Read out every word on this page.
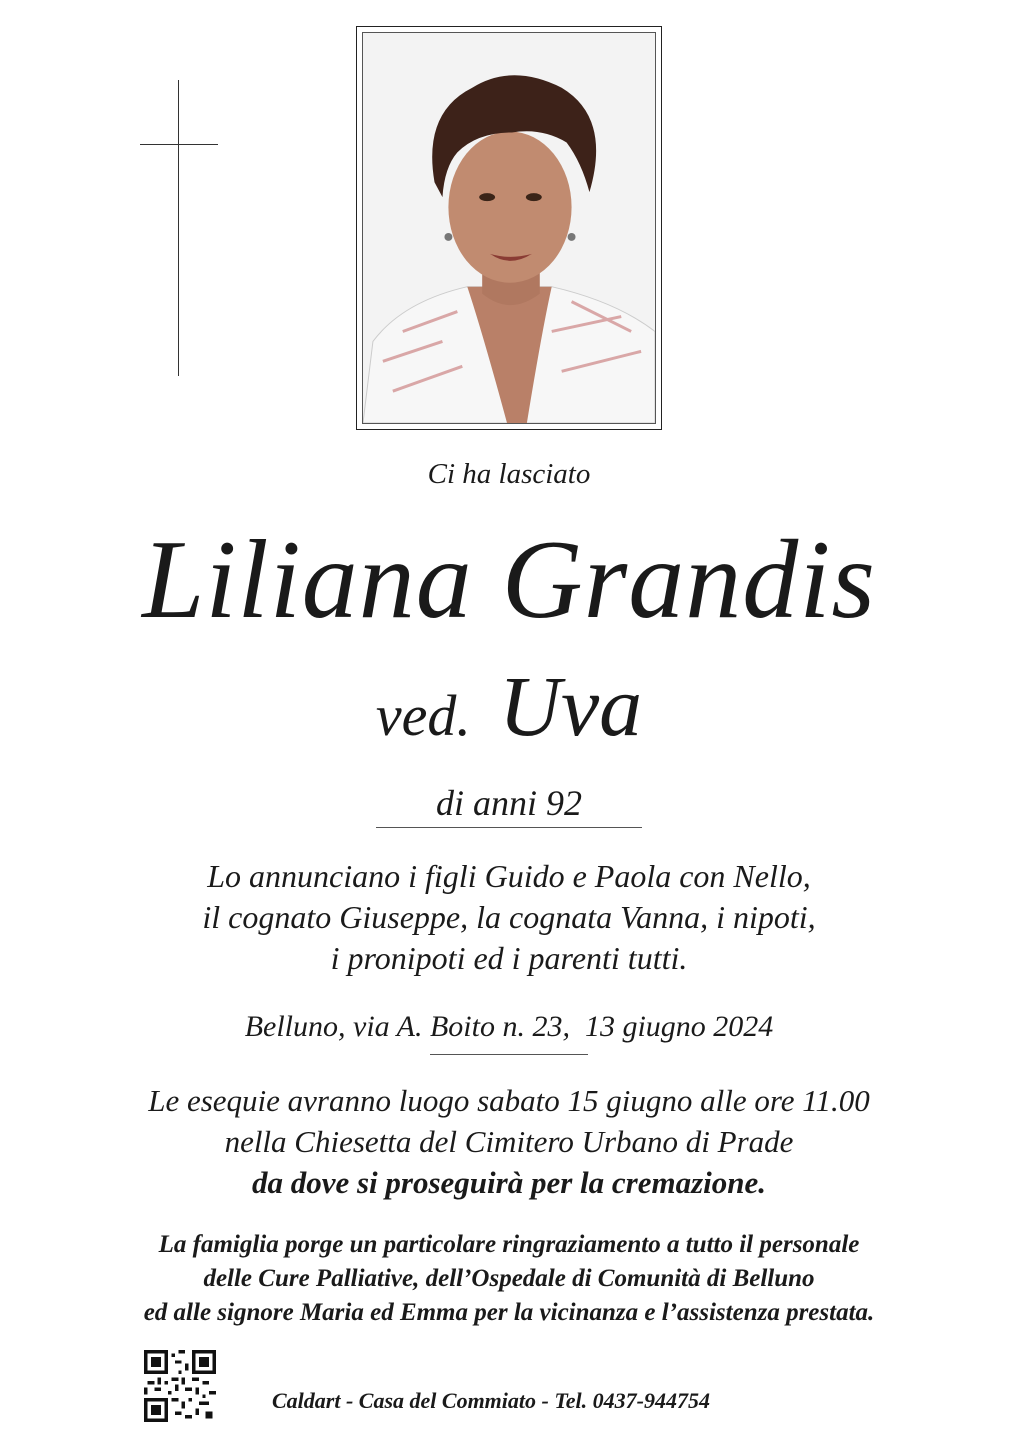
Ci ha lasciato
Liliana Grandis
ved. Uva
di anni 92
Lo annunciano i figli Guido e Paola con Nello,
il cognato Giuseppe, la cognata Vanna, i nipoti,
i pronipoti ed i parenti tutti.
Belluno, via A. Boito n. 23,  13 giugno 2024
Le esequie avranno luogo sabato 15 giugno alle ore 11.00
nella Chiesetta del Cimitero Urbano di Prade
da dove si proseguirà per la cremazione.
La famiglia porge un particolare ringraziamento a tutto il personale
delle Cure Palliative, dell’Ospedale di Comunità di Belluno
ed alle signore Maria ed Emma per la vicinanza e l’assistenza prestata.
Caldart - Casa del Commiato - Tel. 0437-944754
